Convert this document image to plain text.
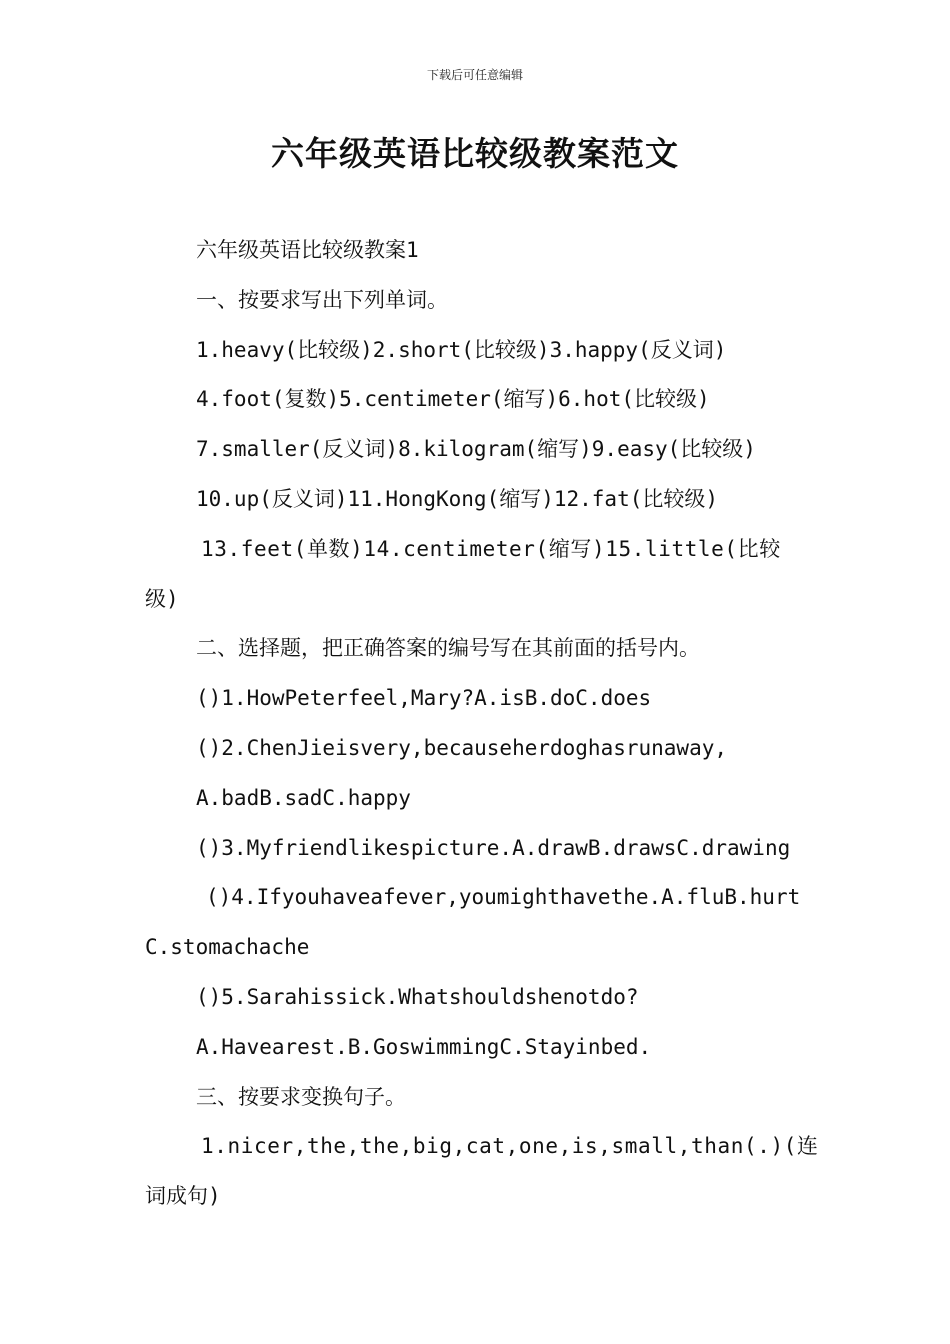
下载后可任意编辑
六年级英语比较级教案范文
六年级英语比较级教案1
一、按要求写出下列单词。
1.heavy(比较级)2.short(比较级)3.happy(反义词)
4.foot(复数)5.centimeter(缩写)6.hot(比较级)
7.smaller(反义词)8.kilogram(缩写)9.easy(比较级)
10.up(反义词)11.HongKong(缩写)12.fat(比较级)
13.feet(单数)14.centimeter(缩写)15.little(比较
级)
二、选择题，把正确答案的编号写在其前面的括号内。
()1.HowPeterfeel,Mary?A.isB.doC.does
()2.ChenJieisvery,becauseherdoghasrunaway,
A.badB.sadC.happy
()3.Myfriendlikespicture.A.drawB.drawsC.drawing
()4.Ifyouhaveafever,youmighthavethe.A.fluB.hurt
C.stomachache
()5.Sarahissick.Whatshouldshenotdo?
A.Havearest.B.GoswimmingC.Stayinbed.
三、按要求变换句子。
1.nicer,the,the,big,cat,one,is,small,than(.)(连
词成句)
